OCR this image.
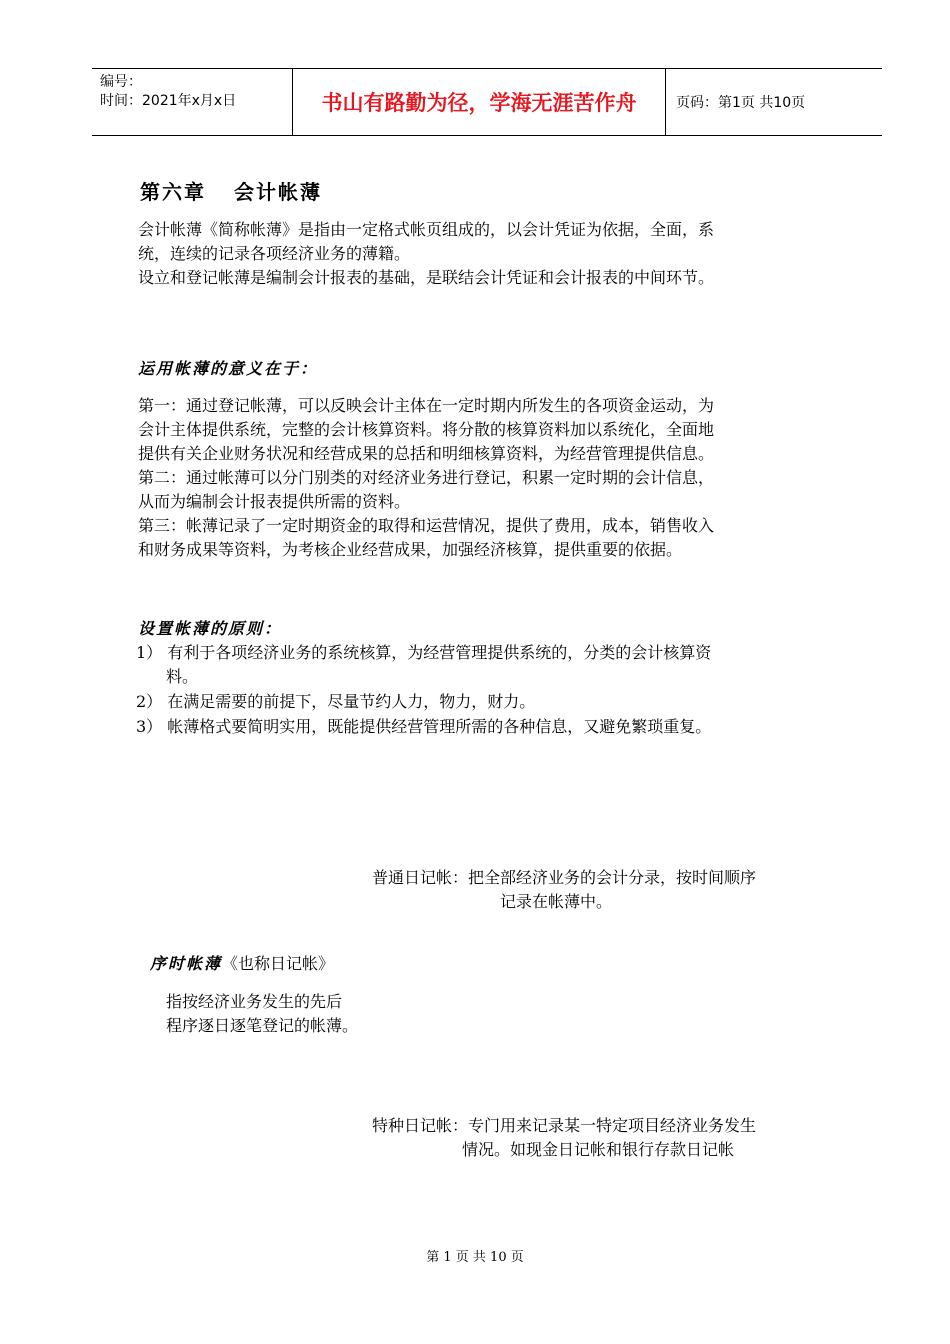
编号：
时间：2021年x月x日	书山有路勤为径，学海无涯苦作舟	页码：第1页 共10页
第六章 会计帐薄
会计帐薄《简称帐薄》是指由一定格式帐页组成的，以会计凭证为依据，全面，系
统，连续的记录各项经济业务的薄籍。
设立和登记帐薄是编制会计报表的基础，是联结会计凭证和会计报表的中间环节。
运用帐薄的意义在于：
第一：通过登记帐薄，可以反映会计主体在一定时期内所发生的各项资金运动，为
会计主体提供系统，完整的会计核算资料。将分散的核算资料加以系统化，全面地
提供有关企业财务状况和经营成果的总括和明细核算资料，为经营管理提供信息。
第二：通过帐薄可以分门别类的对经济业务进行登记，积累一定时期的会计信息，
从而为编制会计报表提供所需的资料。
第三：帐薄记录了一定时期资金的取得和运营情况，提供了费用，成本，销售收入
和财务成果等资料，为考核企业经营成果，加强经济核算，提供重要的依据。
设置帐薄的原则：
1） 有利于各项经济业务的系统核算，为经营管理提供系统的，分类的会计核算资
料。
2） 在满足需要的前提下，尽量节约人力，物力，财力。
3） 帐薄格式要简明实用，既能提供经营管理所需的各种信息，又避免繁琐重复。
普通日记帐：把全部经济业务的会计分录，按时间顺序
记录在帐薄中。
序时帐薄《也称日记帐》
指按经济业务发生的先后
程序逐日逐笔登记的帐薄。
特种日记帐：专门用来记录某一特定项目经济业务发生
情况。如现金日记帐和银行存款日记帐
第 1 页 共 10 页
